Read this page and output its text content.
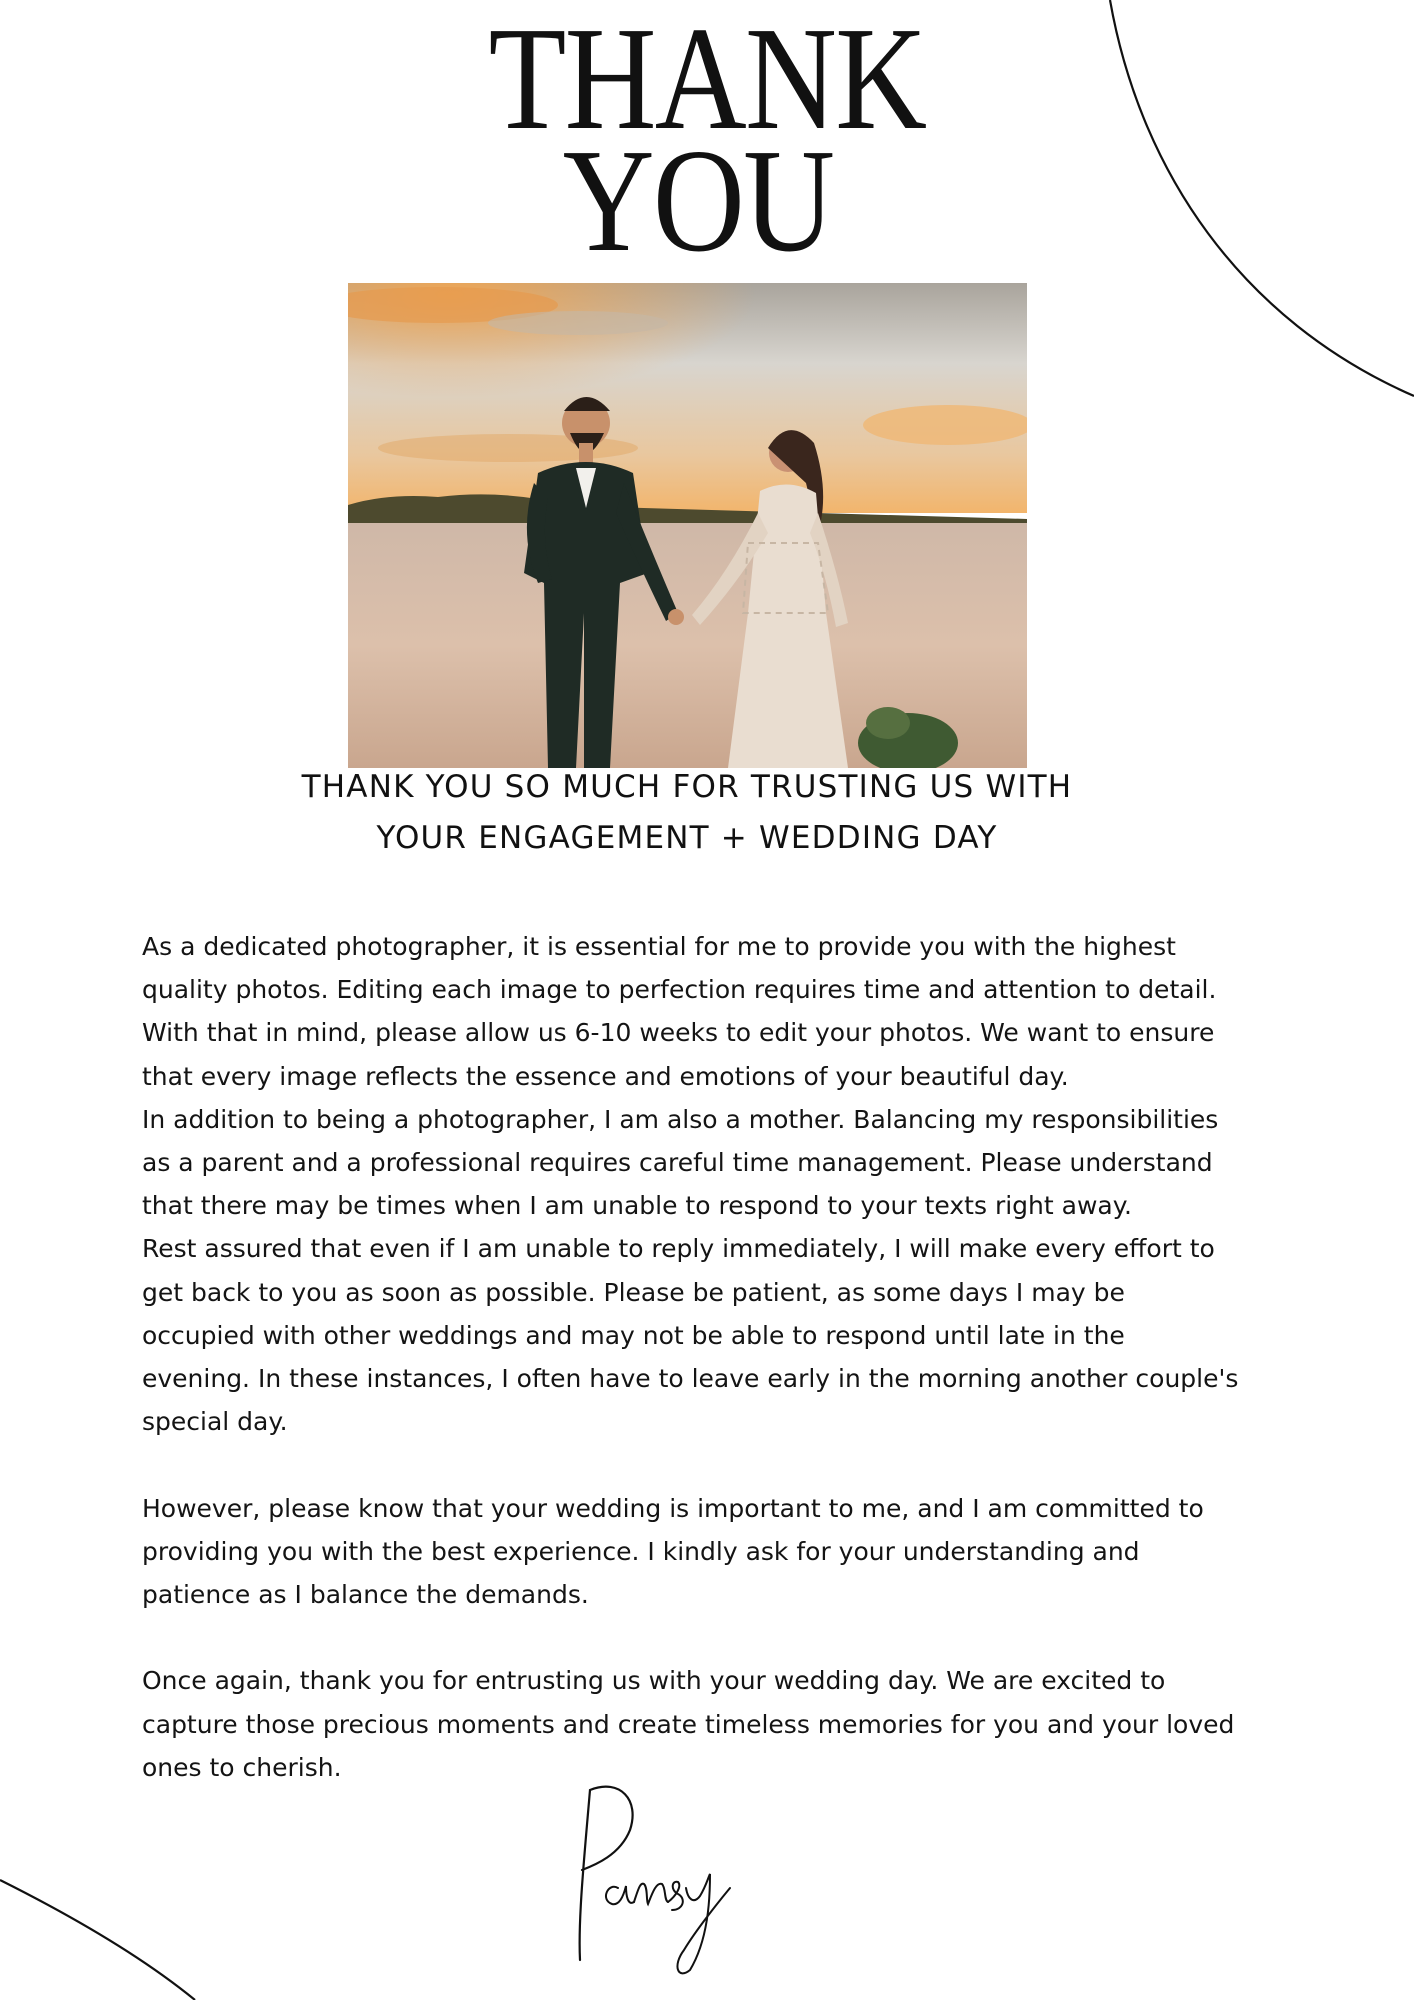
THANK
YOU
THANK YOU SO MUCH FOR TRUSTING US WITH
YOUR ENGAGEMENT + WEDDING DAY

As a dedicated photographer, it is essential for me to provide you with the highest
quality photos. Editing each image to perfection requires time and attention to detail.
With that in mind, please allow us 6-10 weeks to edit your photos. We want to ensure
that every image reflects the essence and emotions of your beautiful day.

In addition to being a photographer, I am also a mother. Balancing my responsibilities
as a parent and a professional requires careful time management. Please understand
that there may be times when I am unable to respond to your texts right away.

Rest assured that even if I am unable to reply immediately, I will make every effort to
get back to you as soon as possible. Please be patient, as some days I may be
occupied with other weddings and may not be able to respond until late in the
evening. In these instances, I often have to leave early in the morning another couple's
special day.

However, please know that your wedding is important to me, and I am committed to
providing you with the best experience. I kindly ask for your understanding and
patience as I balance the demands.

Once again, thank you for entrusting us with your wedding day. We are excited to
capture those precious moments and create timeless memories for you and your loved
ones to cherish.
